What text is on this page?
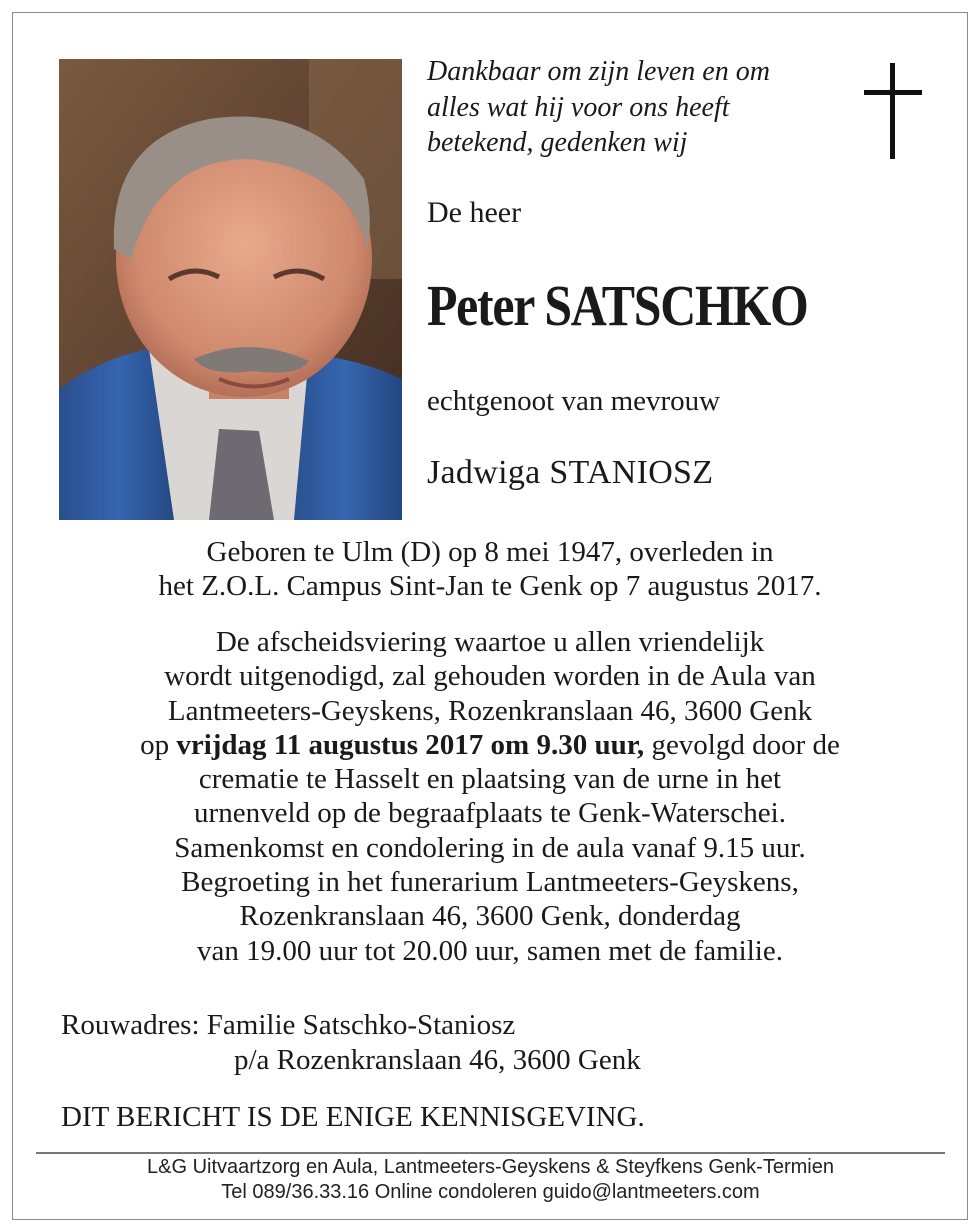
Dankbaar om zijn leven en om
alles wat hij voor ons heeft
betekend, gedenken wij
De heer
Peter SATSCHKO
echtgenoot van mevrouw
Jadwiga STANIOSZ
Geboren te Ulm (D) op 8 mei 1947, overleden in
het Z.O.L. Campus Sint-Jan te Genk op 7 augustus 2017.
De afscheidsviering waartoe u allen vriendelijk
wordt uitgenodigd, zal gehouden worden in de Aula van
Lantmeeters-Geyskens, Rozenkranslaan 46, 3600 Genk
op vrijdag 11 augustus 2017 om 9.30 uur, gevolgd door de
crematie te Hasselt en plaatsing van de urne in het
urnenveld op de begraafplaats te Genk-Waterschei.
Samenkomst en condolering in de aula vanaf 9.15 uur.
Begroeting in het funerarium Lantmeeters-Geyskens,
Rozenkranslaan 46, 3600 Genk, donderdag
van 19.00 uur tot 20.00 uur, samen met de familie.
Rouwadres: Familie Satschko-Staniosz
p/a Rozenkranslaan 46, 3600 Genk
DIT BERICHT IS DE ENIGE KENNISGEVING.
L&G Uitvaartzorg en Aula, Lantmeeters-Geyskens & Steyfkens Genk-Termien
Tel 089/36.33.16 Online condoleren guido@lantmeeters.com
